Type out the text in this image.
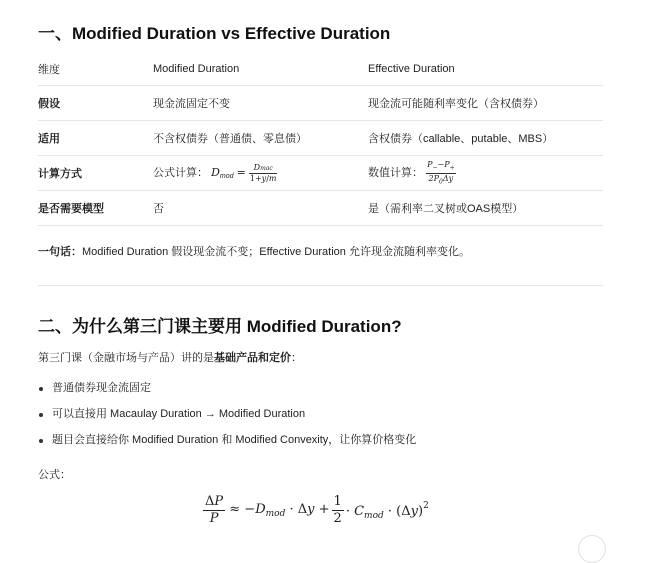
一、Modified Duration vs Effective Duration
维度	Modified Duration	Effective Duration
假设	现金流固定不变	现金流可能随利率变化（含权债券）
适用	不含权债券（普通债、零息债）	含权债券（callable、putable、MBS）
计算方式	公式计算： $D_{mod} = \frac{\text{Dmac}}{1+y/m}$	数值计算： $\frac{P_--P_+}{2P_0\Delta y}$

是否需要模型	否	是（需利率二叉树或OAS模型）
一句话：Modified Duration 假设现金流不变；Effective Duration 允许现金流随利率变化。
二、为什么第三门课主要用 Modified Duration?
第三门课（金融市场与产品）讲的是基础产品和定价：
普通债券现金流固定
可以直接用 Macaulay Duration → Modified Duration
题目会直接给你 Modified Duration 和 Modified Convexity，让你算价格变化
公式：
$\frac{\Delta P}{P} \approx -D_{mod} \cdot \Delta y + \frac{1}{2} \cdot C_{mod} \cdot (\Delta y)^2$
